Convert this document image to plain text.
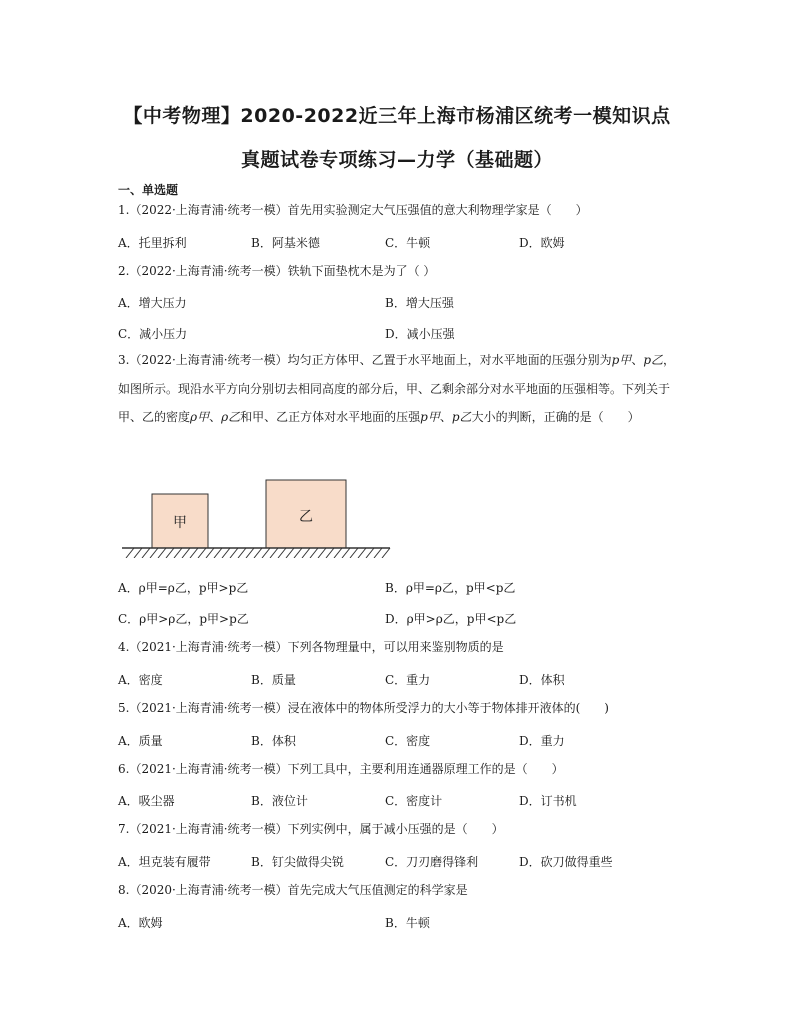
【中考物理】2020-2022近三年上海市杨浦区统考一模知识点
真题试卷专项练习—力学（基础题）
一、单选题
1.（2022·上海青浦·统考一模）首先用实验测定大气压强值的意大利物理学家是（　　）
A．托里拆利	B．阿基米德	C．牛顿	D．欧姆
2.（2022·上海青浦·统考一模）铁轨下面垫枕木是为了（ ）
A．增大压力	B．增大压强
C．减小压力	D．减小压强
3.（2022·上海青浦·统考一模）均匀正方体甲、乙置于水平地面上，对水平地面的压强分别为p甲、p乙，如图所示。现沿水平方向分别切去相同高度的部分后，甲、乙剩余部分对水平地面的压强相等。下列关于甲、乙的密度ρ甲、ρ乙和甲、乙正方体对水平地面的压强p甲、p乙大小的判断，正确的是（　　）
甲	乙
A．ρ甲=ρ乙，p甲>p乙	B．ρ甲=ρ乙，p甲<p乙
C．ρ甲>ρ乙，p甲>p乙	D．ρ甲>ρ乙，p甲<p乙
4.（2021·上海青浦·统考一模）下列各物理量中，可以用来鉴别物质的是
A．密度	B．质量	C．重力	D．体积
5.（2021·上海青浦·统考一模）浸在液体中的物体所受浮力的大小等于物体排开液体的(　　)
A．质量	B．体积	C．密度	D．重力
6.（2021·上海青浦·统考一模）下列工具中，主要利用连通器原理工作的是（　　）
A．吸尘器	B．液位计	C．密度计	D．订书机
7.（2021·上海青浦·统考一模）下列实例中，属于减小压强的是（　　）
A．坦克装有履带	B．钉尖做得尖锐	C．刀刃磨得锋利	D．砍刀做得重些
8.（2020·上海青浦·统考一模）首先完成大气压值测定的科学家是
A．欧姆	B．牛顿
